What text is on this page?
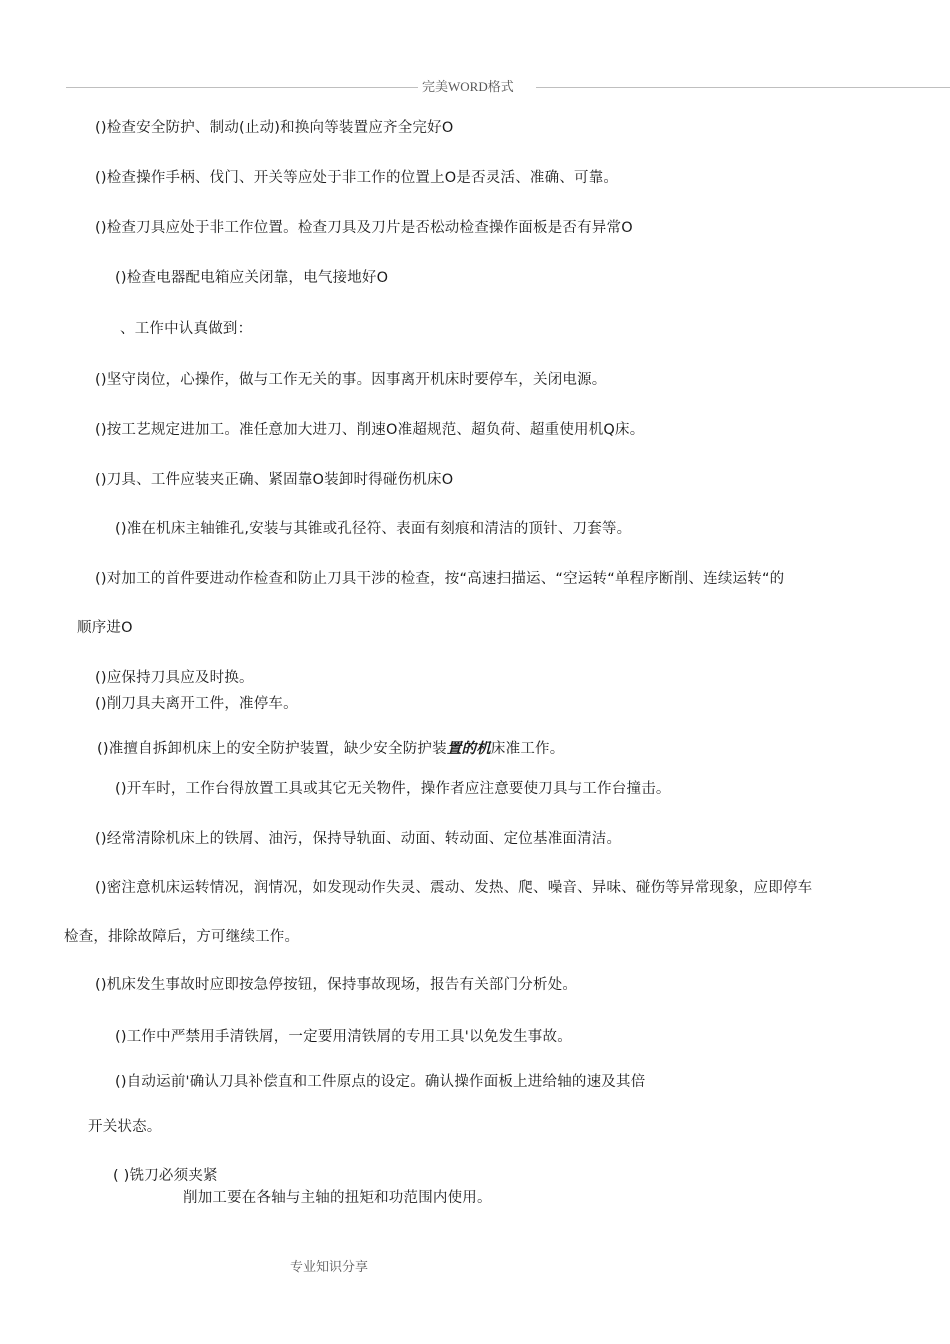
完美WORD格式
()检查安全防护、制动(止动)和换向等装置应齐全完好O
()检查操作手柄、伐门、开关等应处于非工作的位置上O是否灵活、准确、可靠。
()检查刀具应处于非工作位置。检查刀具及刀片是否松动检查操作面板是否有异常O
()检查电器配电箱应关闭靠，电气接地好O
、工作中认真做到：
()坚守岗位，心操作，做与工作无关的事。因事离开机床时要停车，关闭电源。
()按工艺规定进加工。准任意加大进刀、削速O准超规范、超负荷、超重使用机Q床。
()刀具、工件应装夹正确、紧固靠O装卸时得碰伤机床O
()准在机床主轴锥孔,安装与其锥或孔径符、表面有刻痕和清洁的顶针、刀套等。
()对加工的首件要进动作检查和防止刀具干涉的检查，按“高速扫描运、“空运转“单程序断削、连续运转“的
顺序进O
()应保持刀具应及时换。
()削刀具夫离开工件，准停车。
()准擅自拆卸机床上的安全防护装置，缺少安全防护装置的机床准工作。
()开车时，工作台得放置工具或其它无关物件，操作者应注意要使刀具与工作台撞击。
()经常清除机床上的铁屑、油污，保持导轨面、动面、转动面、定位基准面清洁。
()密注意机床运转情况，润情况，如发现动作失灵、震动、发热、爬、噪音、异味、碰伤等异常现象，应即停车
检查，排除故障后，方可继续工作。
()机床发生事故时应即按急停按钮，保持事故现场，报告有关部门分析处。
()工作中严禁用手清铁屑，一定要用清铁屑的专用工具'以免发生事故。
()自动运前'确认刀具补偿直和工件原点的设定。确认操作面板上进给轴的速及其倍
开关状态。
( )铣刀必须夹紧
削加工要在各轴与主轴的扭矩和功范围内使用。
专业知识分享
